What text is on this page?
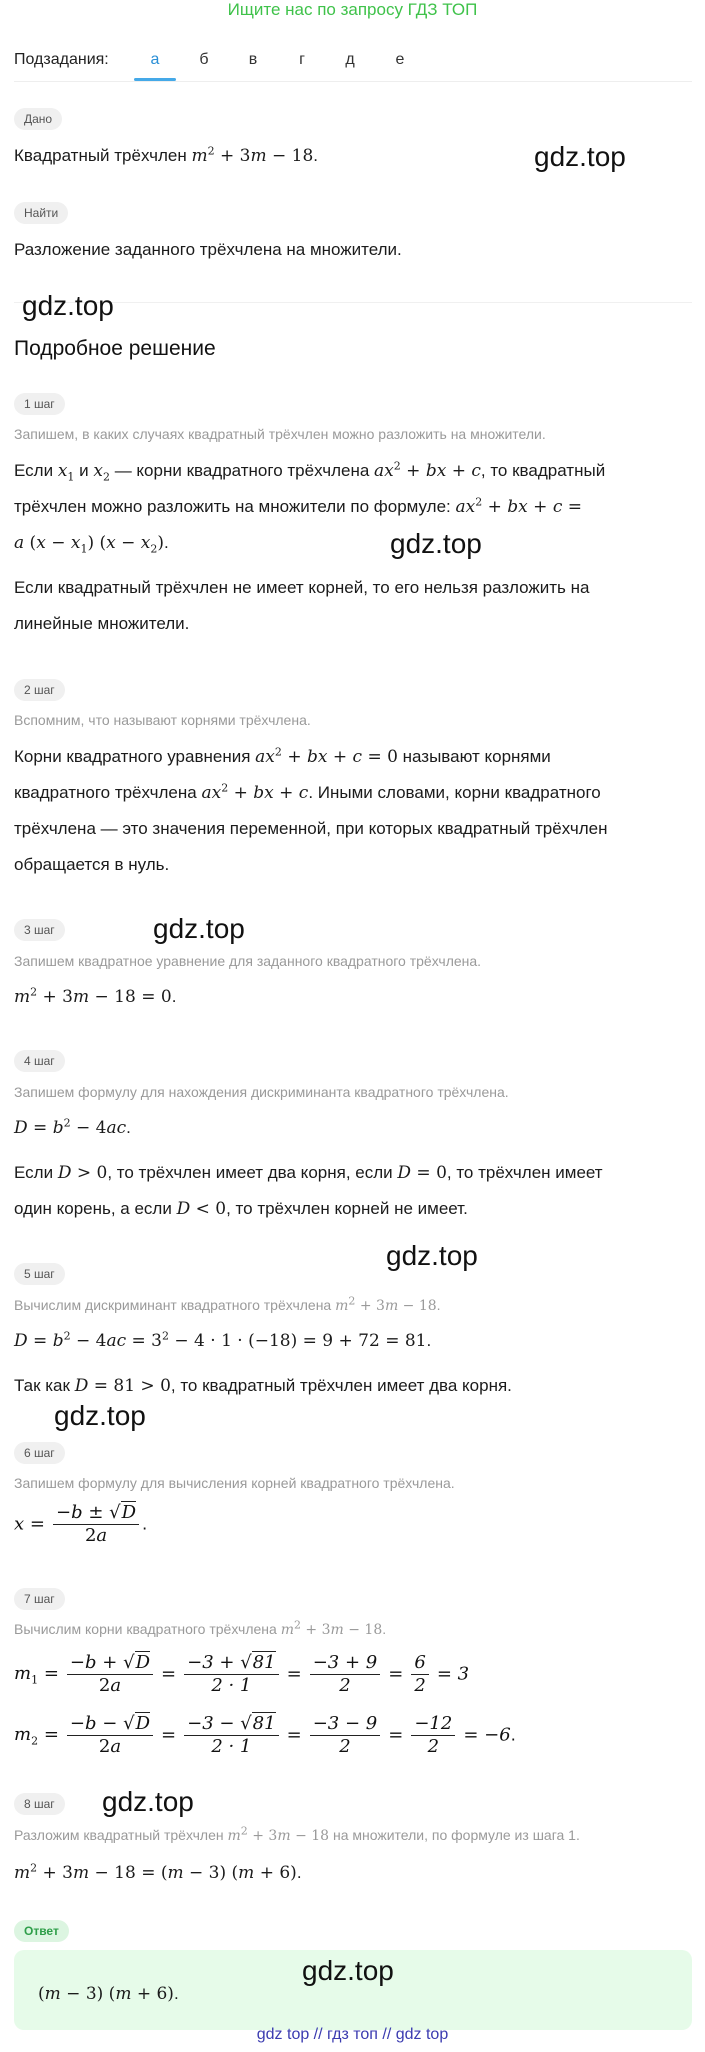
Ищите нас по запросу ГДЗ ТОП
Подзадания:	а	б	в	г	д	е
Дано
Квадратный трёхчлен $m^2 + 3m - 18$.	gdz.top
Найти
Разложение заданного трёхчлена на множители.
gdz.top
Подробное решение
1 шаг
Запишем, в каких случаях квадратный трёхчлен можно разложить на множители.
Если $x_1$ и $x_2$ — корни квадратного трёхчлена $ax^2$ + bx + c, то квадратный
трёхчлен можно разложить на множители по формуле: $ax^2$ + bx + c =
a $(x - x_1)$ $(x - x_2)$.	gdz.top
Если квадратный трёхчлен не имеет корней, то его нельзя разложить на
линейные множители.
2 шаг
Вспомним, что называют корнями трёхчлена.
Корни квадратного уравнения $ax^2$ + bx + c = 0 называют корнями
квадратного трёхчлена $ax^2$ + bx + c. Иными словами, корни квадратного
трёхчлена — это значения переменной, при которых квадратный трёхчлен
обращается в нуль.
3 шаг	gdz.top
Запишем квадратное уравнение для заданного квадратного трёхчлена.
$m^2 + 3m - 18 = 0$.
4 шаг
Запишем формулу для нахождения дискриминанта квадратного трёхчлена.
$D = b^2 - 4ac$.
Если D > 0, то трёхчлен имеет два корня, если D = 0, то трёхчлен имеет
один корень, а если D < 0, то трёхчлен корней не имеет.
gdz.top
5 шаг
Вычислим дискриминант квадратного трёхчлена $m^2 + 3m - 18$.
$D = b^2 - 4ac = 3^2 - 4 \cdot 1 \cdot (-18) = 9 + 72 = 81$.
Так как D = 81 > 0, то квадратный трёхчлен имеет два корня.
gdz.top
6 шаг
Запишем формулу для вычисления корней квадратного трёхчлена.
$x = \frac{-b \pm √D}{2a}$ .
7 шаг
Вычислим корни квадратного трёхчлена $m^2 + 3m - 18$.
$m_1 = \frac{-b + √D}{2a} = \frac{-3 + √81}{2 \cdot 1} = \frac{-3 + 9}{2} = \frac{6}{2} = 3$
$m_2 = \frac{-b - √D}{2a} = \frac{-3 - √81}{2 \cdot 1} = \frac{-3 - 9}{2} = \frac{-12}{2} = -6$.
8 шаг	gdz.top
Разложим квадратный трёхчлен $m^2 + 3m - 18$ на множители, по формуле из шага 1.
$m^2 + 3m - 18 = (m - 3) (m + 6)$.
Ответ
gdz.top
(m − 3) (m + 6).
gdz top // гдз топ // gdz top
